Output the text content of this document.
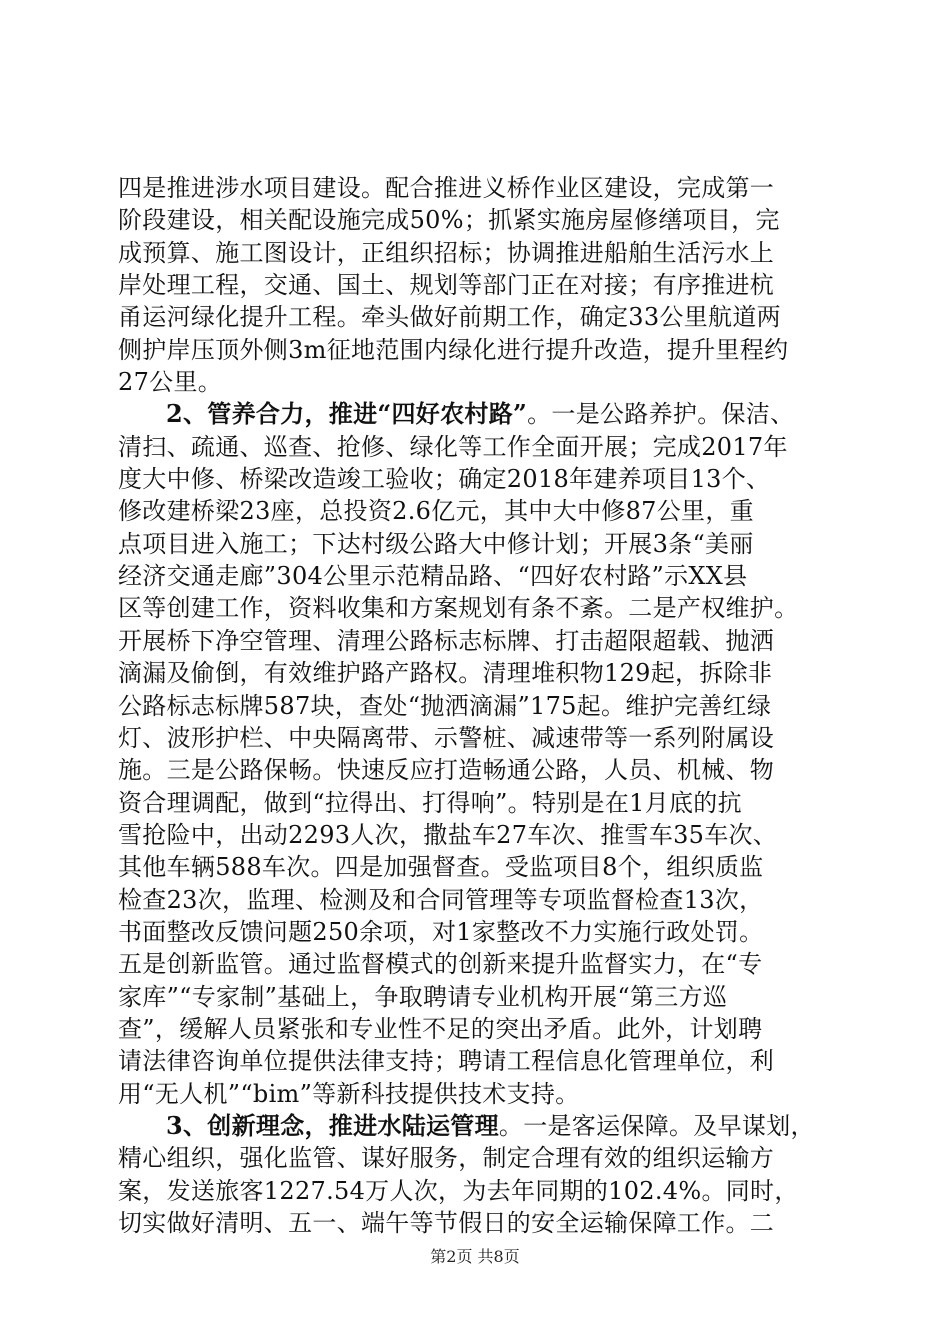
四是推进涉水项目建设。配合推进义桥作业区建设，完成第一
阶段建设，相关配设施完成50%；抓紧实施房屋修缮项目，完
成预算、施工图设计，正组织招标；协调推进船舶生活污水上
岸处理工程，交通、国土、规划等部门正在对接；有序推进杭
甬运河绿化提升工程。牵头做好前期工作，确定33公里航道两
侧护岸压顶外侧3m征地范围内绿化进行提升改造，提升里程约
27公里。
2、管养合力，推进“四好农村路”。一是公路养护。保洁、
清扫、疏通、巡查、抢修、绿化等工作全面开展；完成2017年
度大中修、桥梁改造竣工验收；确定2018年建养项目13个、
修改建桥梁23座，总投资2.6亿元，其中大中修87公里，重
点项目进入施工；下达村级公路大中修计划；开展3条“美丽
经济交通走廊”304公里示范精品路、“四好农村路”示XX县
区等创建工作，资料收集和方案规划有条不紊。二是产权维护。
开展桥下净空管理、清理公路标志标牌、打击超限超载、抛洒
滴漏及偷倒，有效维护路产路权。清理堆积物129起，拆除非
公路标志标牌587块，查处“抛洒滴漏”175起。维护完善红绿
灯、波形护栏、中央隔离带、示警桩、减速带等一系列附属设
施。三是公路保畅。快速反应打造畅通公路，人员、机械、物
资合理调配，做到“拉得出、打得响”。特别是在1月底的抗
雪抢险中，出动2293人次，撒盐车27车次、推雪车35车次、
其他车辆588车次。四是加强督查。受监项目8个，组织质监
检查23次，监理、检测及和合同管理等专项监督检查13次，
书面整改反馈问题250余项，对1家整改不力实施行政处罚。
五是创新监管。通过监督模式的创新来提升监督实力，在“专
家库”“专家制”基础上，争取聘请专业机构开展“第三方巡
查”，缓解人员紧张和专业性不足的突出矛盾。此外，计划聘
请法律咨询单位提供法律支持；聘请工程信息化管理单位，利
用“无人机”“bim”等新科技提供技术支持。
3、创新理念，推进水陆运管理。一是客运保障。及早谋划，
精心组织，强化监管、谋好服务，制定合理有效的组织运输方
案，发送旅客1227.54万人次，为去年同期的102.4%。同时，
切实做好清明、五一、端午等节假日的安全运输保障工作。二
第2页 共8页
